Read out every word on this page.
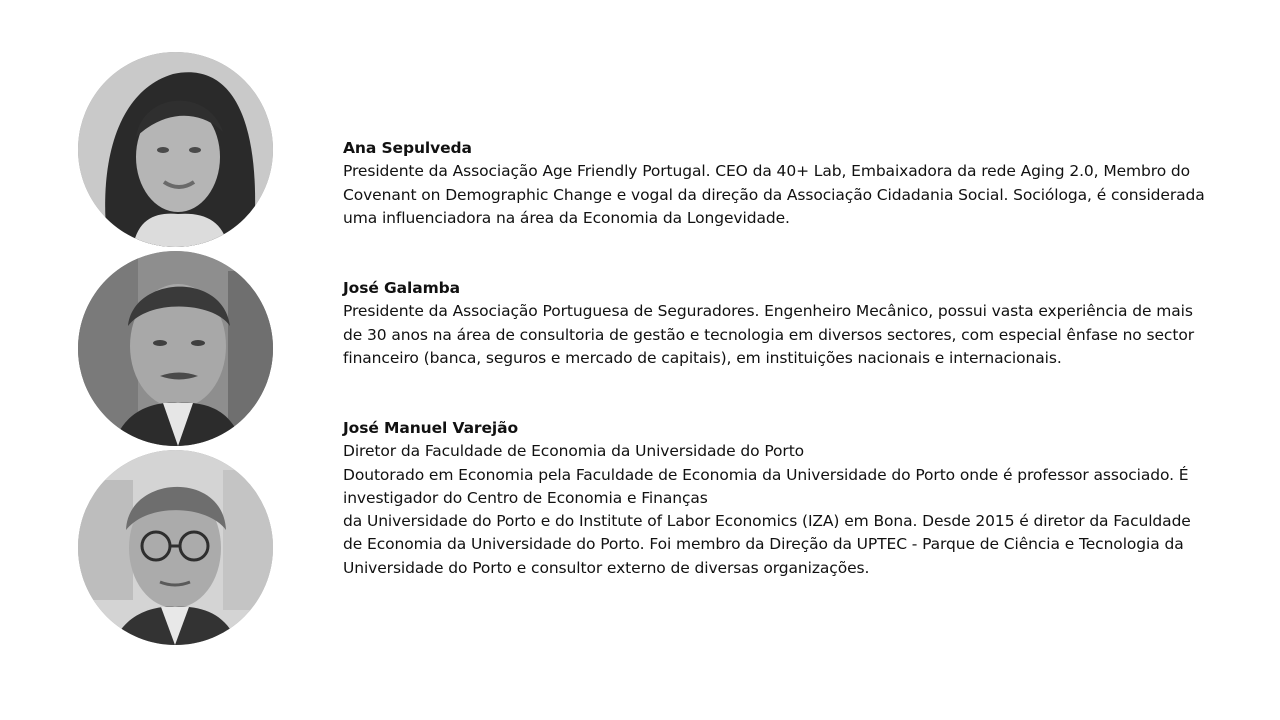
Ana Sepulveda
Presidente da Associação Age Friendly Portugal. CEO da 40+ Lab, Embaixadora da rede Aging 2.0, Membro do
Covenant on Demographic Change e vogal da direção da Associação Cidadania Social. Socióloga, é considerada
uma influenciadora na área da Economia da Longevidade.
José Galamba
Presidente da Associação Portuguesa de Seguradores. Engenheiro Mecânico, possui vasta experiência de mais
de 30 anos na área de consultoria de gestão e tecnologia em diversos sectores, com especial ênfase no sector
financeiro (banca, seguros e mercado de capitais), em instituições nacionais e internacionais.
José Manuel Varejão
Diretor da Faculdade de Economia da Universidade do Porto
Doutorado em Economia pela Faculdade de Economia da Universidade do Porto onde é professor associado. É
investigador do Centro de Economia e Finanças
da Universidade do Porto e do Institute of Labor Economics (IZA) em Bona. Desde 2015 é diretor da Faculdade
de Economia da Universidade do Porto. Foi membro da Direção da UPTEC - Parque de Ciência e Tecnologia da
Universidade do Porto e consultor externo de diversas organizações.
